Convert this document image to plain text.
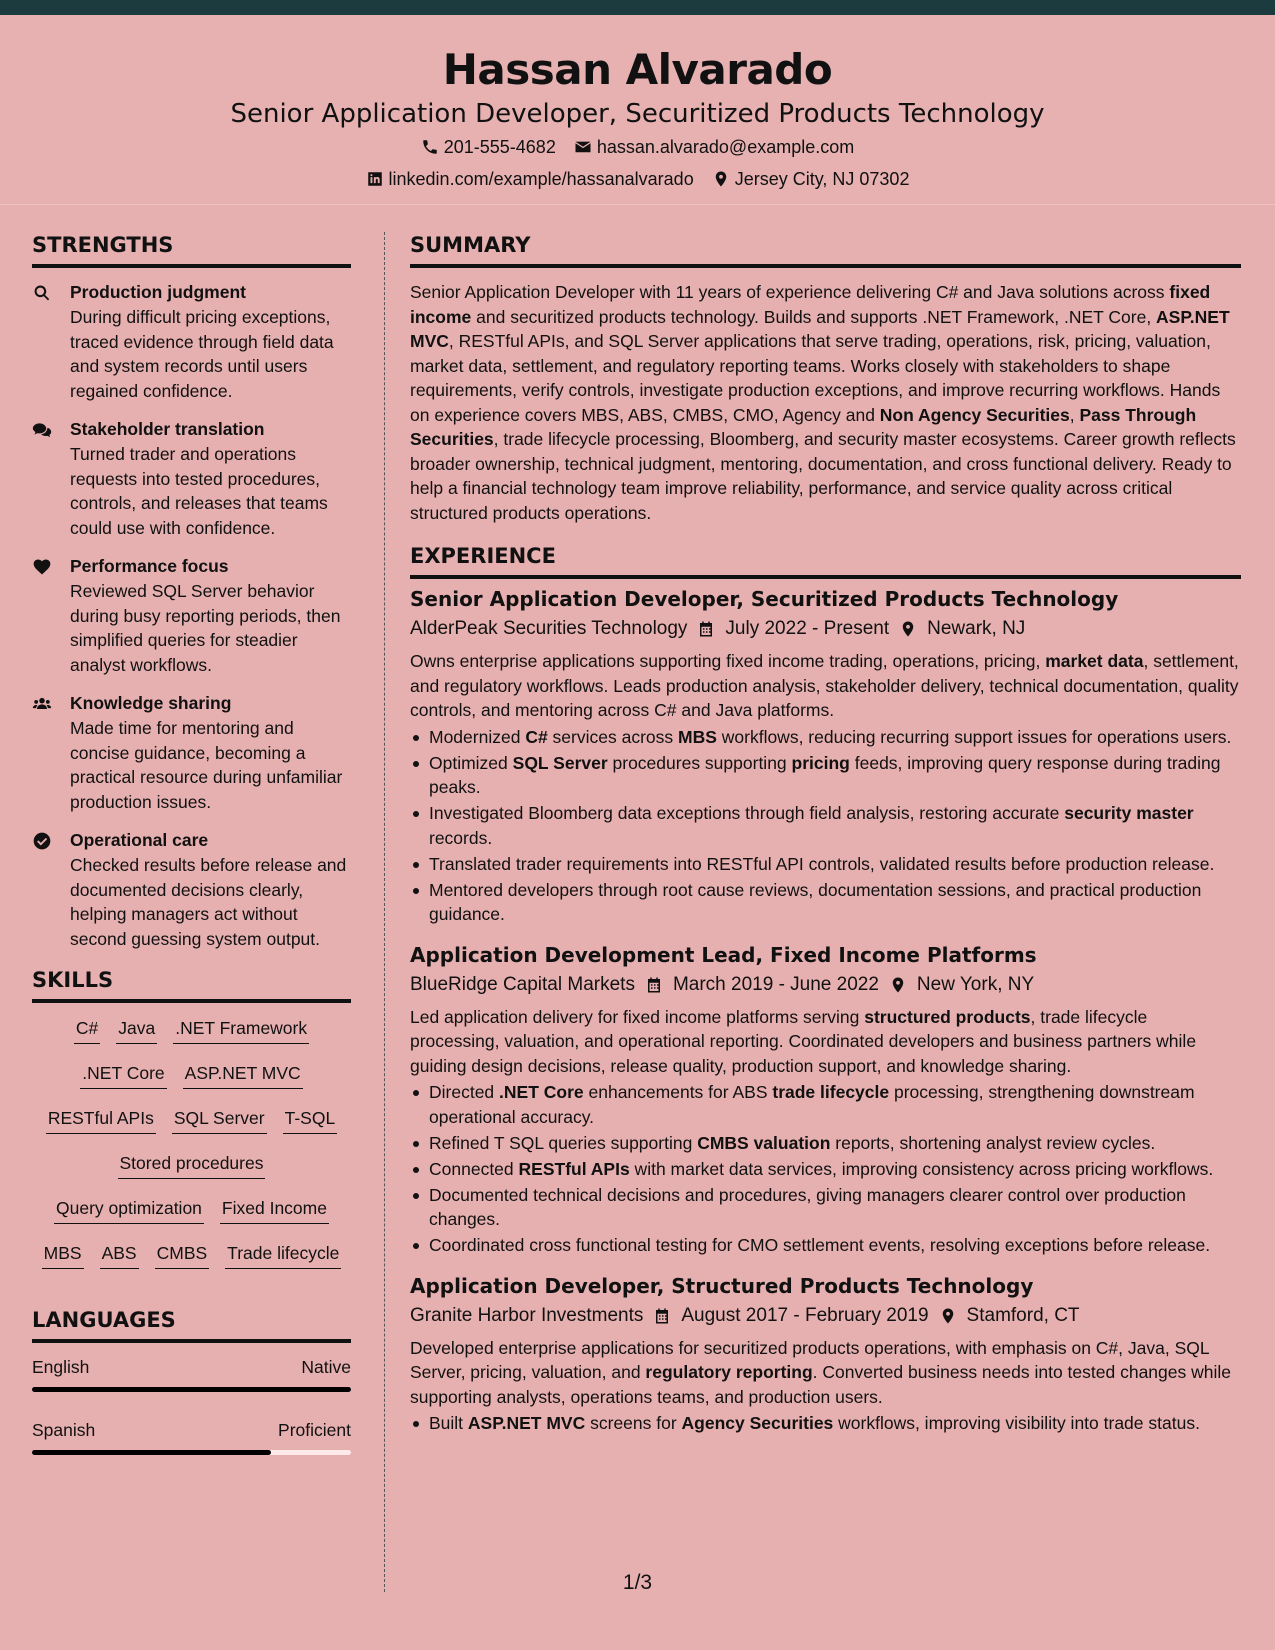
Hassan Alvarado
Senior Application Developer, Securitized Products Technology
201-555-4682 hassan.alvarado@example.com
linkedin.com/example/hassanalvarado Jersey City, NJ 07302
STRENGTHS
Production judgment
During difficult pricing exceptions, traced evidence through field data and system records until users regained confidence.
Stakeholder translation
Turned trader and operations requests into tested procedures, controls, and releases that teams could use with confidence.
Performance focus
Reviewed SQL Server behavior during busy reporting periods, then simplified queries for steadier analyst workflows.
Knowledge sharing
Made time for mentoring and concise guidance, becoming a practical resource during unfamiliar production issues.
Operational care
Checked results before release and documented decisions clearly, helping managers act without second guessing system output.
SKILLS
C# Java .NET Framework
.NET Core ASP.NET MVC
RESTful APIs SQL Server T-SQL
Stored procedures
Query optimization Fixed Income
MBS ABS CMBS Trade lifecycle
LANGUAGES
English	Native
Spanish	Proficient
SUMMARY
Senior Application Developer with 11 years of experience delivering C# and Java solutions across fixed income and securitized products technology. Builds and supports .NET Framework, .NET Core, ASP.NET MVC, RESTful APIs, and SQL Server applications that serve trading, operations, risk, pricing, valuation, market data, settlement, and regulatory reporting teams. Works closely with stakeholders to shape requirements, verify controls, investigate production exceptions, and improve recurring workflows. Hands on experience covers MBS, ABS, CMBS, CMO, Agency and Non Agency Securities, Pass Through Securities, trade lifecycle processing, Bloomberg, and security master ecosystems. Career growth reflects broader ownership, technical judgment, mentoring, documentation, and cross functional delivery. Ready to help a financial technology team improve reliability, performance, and service quality across critical structured products operations.
EXPERIENCE
Senior Application Developer, Securitized Products Technology
AlderPeak Securities Technology July 2022 - Present Newark, NJ
Owns enterprise applications supporting fixed income trading, operations, pricing, market data, settlement, and regulatory workflows. Leads production analysis, stakeholder delivery, technical documentation, quality controls, and mentoring across C# and Java platforms.
Modernized C# services across MBS workflows, reducing recurring support issues for operations users.
Optimized SQL Server procedures supporting pricing feeds, improving query response during trading peaks.
Investigated Bloomberg data exceptions through field analysis, restoring accurate security master records.
Translated trader requirements into RESTful API controls, validated results before production release.
Mentored developers through root cause reviews, documentation sessions, and practical production guidance.
Application Development Lead, Fixed Income Platforms
BlueRidge Capital Markets March 2019 - June 2022 New York, NY
Led application delivery for fixed income platforms serving structured products, trade lifecycle processing, valuation, and operational reporting. Coordinated developers and business partners while guiding design decisions, release quality, production support, and knowledge sharing.
Directed .NET Core enhancements for ABS trade lifecycle processing, strengthening downstream operational accuracy.
Refined T SQL queries supporting CMBS valuation reports, shortening analyst review cycles.
Connected RESTful APIs with market data services, improving consistency across pricing workflows.
Documented technical decisions and procedures, giving managers clearer control over production changes.
Coordinated cross functional testing for CMO settlement events, resolving exceptions before release.
Application Developer, Structured Products Technology
Granite Harbor Investments August 2017 - February 2019 Stamford, CT
Developed enterprise applications for securitized products operations, with emphasis on C#, Java, SQL Server, pricing, valuation, and regulatory reporting. Converted business needs into tested changes while supporting analysts, operations teams, and production users.
Built ASP.NET MVC screens for Agency Securities workflows, improving visibility into trade status.
1/3
